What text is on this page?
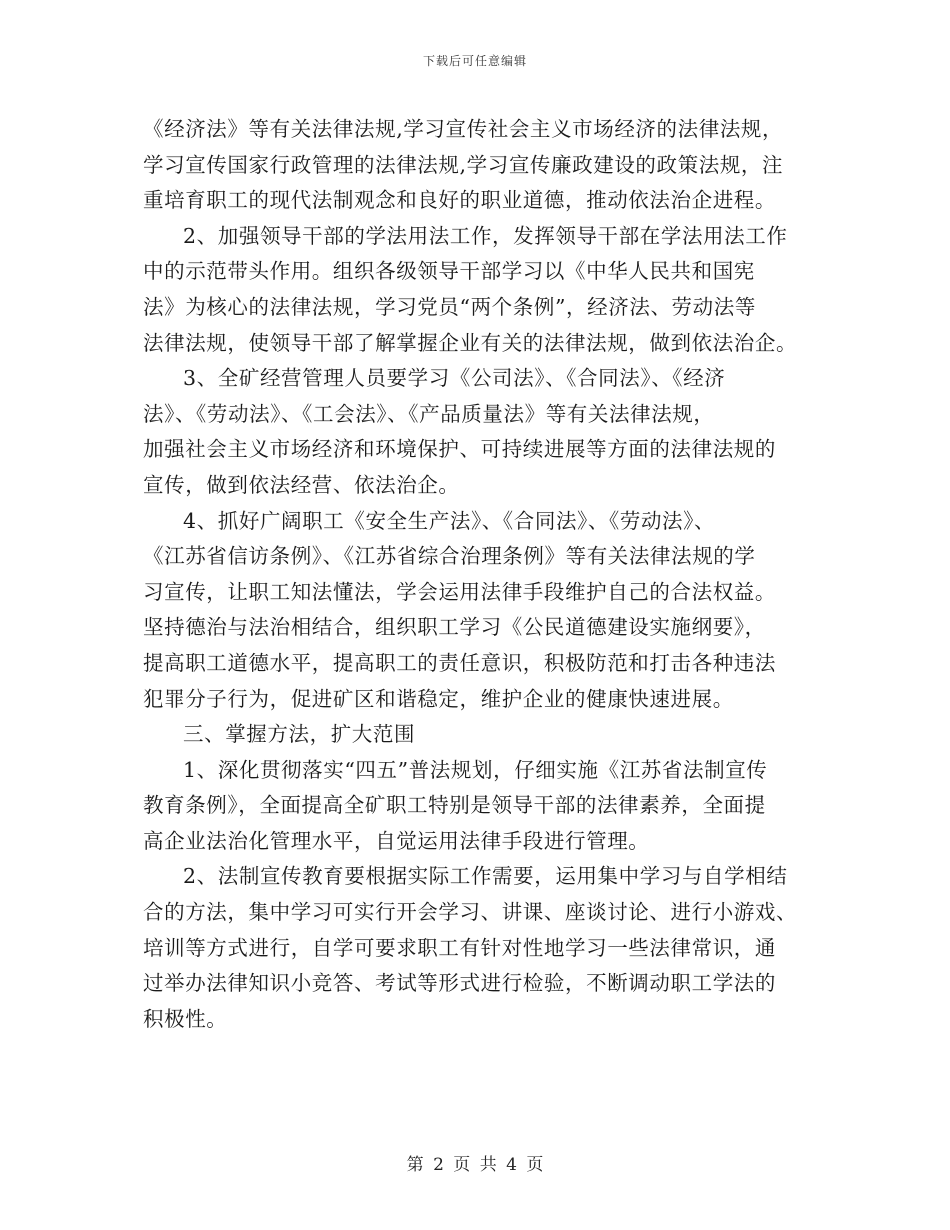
下载后可任意编辑
《经济法》等有关法律法规,学习宣传社会主义市场经济的法律法规，
学习宣传国家行政管理的法律法规,学习宣传廉政建设的政策法规，注
重培育职工的现代法制观念和良好的职业道德，推动依法治企进程。
2、加强领导干部的学法用法工作，发挥领导干部在学法用法工作
中的示范带头作用。组织各级领导干部学习以《中华人民共和国宪
法》为核心的法律法规，学习党员“两个条例”，经济法、劳动法等
法律法规，使领导干部了解掌握企业有关的法律法规，做到依法治企。
3、全矿经营管理人员要学习《公司法》、《合同法》、《经济
法》、《劳动法》、《工会法》、《产品质量法》等有关法律法规，
加强社会主义市场经济和环境保护、可持续进展等方面的法律法规的
宣传，做到依法经营、依法治企。
4、抓好广阔职工《安全生产法》、《合同法》、《劳动法》、
《江苏省信访条例》、《江苏省综合治理条例》等有关法律法规的学
习宣传，让职工知法懂法，学会运用法律手段维护自己的合法权益。
坚持德治与法治相结合，组织职工学习《公民道德建设实施纲要》，
提高职工道德水平，提高职工的责任意识，积极防范和打击各种违法
犯罪分子行为，促进矿区和谐稳定，维护企业的健康快速进展。
三、掌握方法，扩大范围
1、深化贯彻落实“四五”普法规划，仔细实施《江苏省法制宣传
教育条例》，全面提高全矿职工特别是领导干部的法律素养，全面提
高企业法治化管理水平，自觉运用法律手段进行管理。
2、法制宣传教育要根据实际工作需要，运用集中学习与自学相结
合的方法，集中学习可实行开会学习、讲课、座谈讨论、进行小游戏、
培训等方式进行，自学可要求职工有针对性地学习一些法律常识，通
过举办法律知识小竞答、考试等形式进行检验，不断调动职工学法的
积极性。
第 2 页 共 4 页
